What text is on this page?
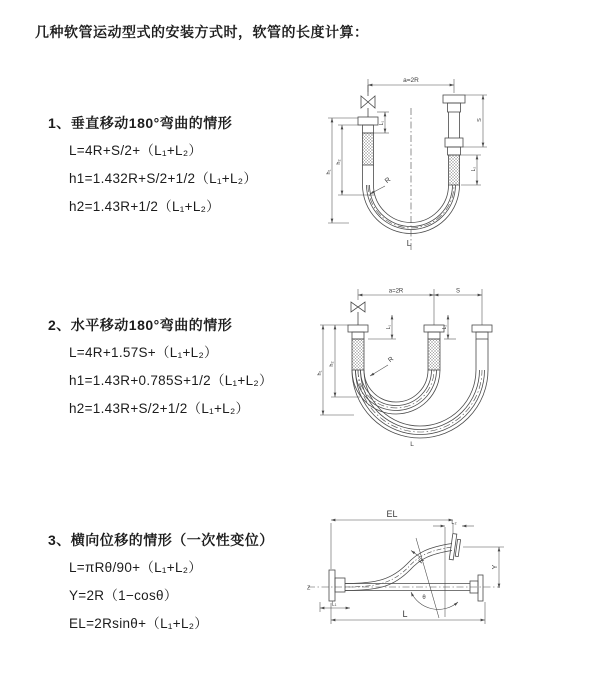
几种软管运动型式的安装方式时，软管的长度计算：
1、垂直移动180°弯曲的情形
L=4R+S/2+（L₁+L₂）
h1=1.432R+S/2+1/2（L₁+L₂）
h2=1.43R+1/2（L₁+L₂）
2、水平移动180°弯曲的情形
L=4R+1.57S+（L₁+L₂）
h1=1.43R+0.785S+1/2（L₁+L₂）
h2=1.43R+S/2+1/2（L₁+L₂）
3、横向位移的情形（一次性变位）
L=πRθ/90+（L₁+L₂）
Y=2R（1−cosθ）
EL=2Rsinθ+（L₁+L₂）
a=2R
h₁
h₂
L₁
S
L₂
R
L
a=2R	S
h₁
h₂
L₁	L₂
R
L
EL
L₂
Z
θ
R
Y
L
L₁
